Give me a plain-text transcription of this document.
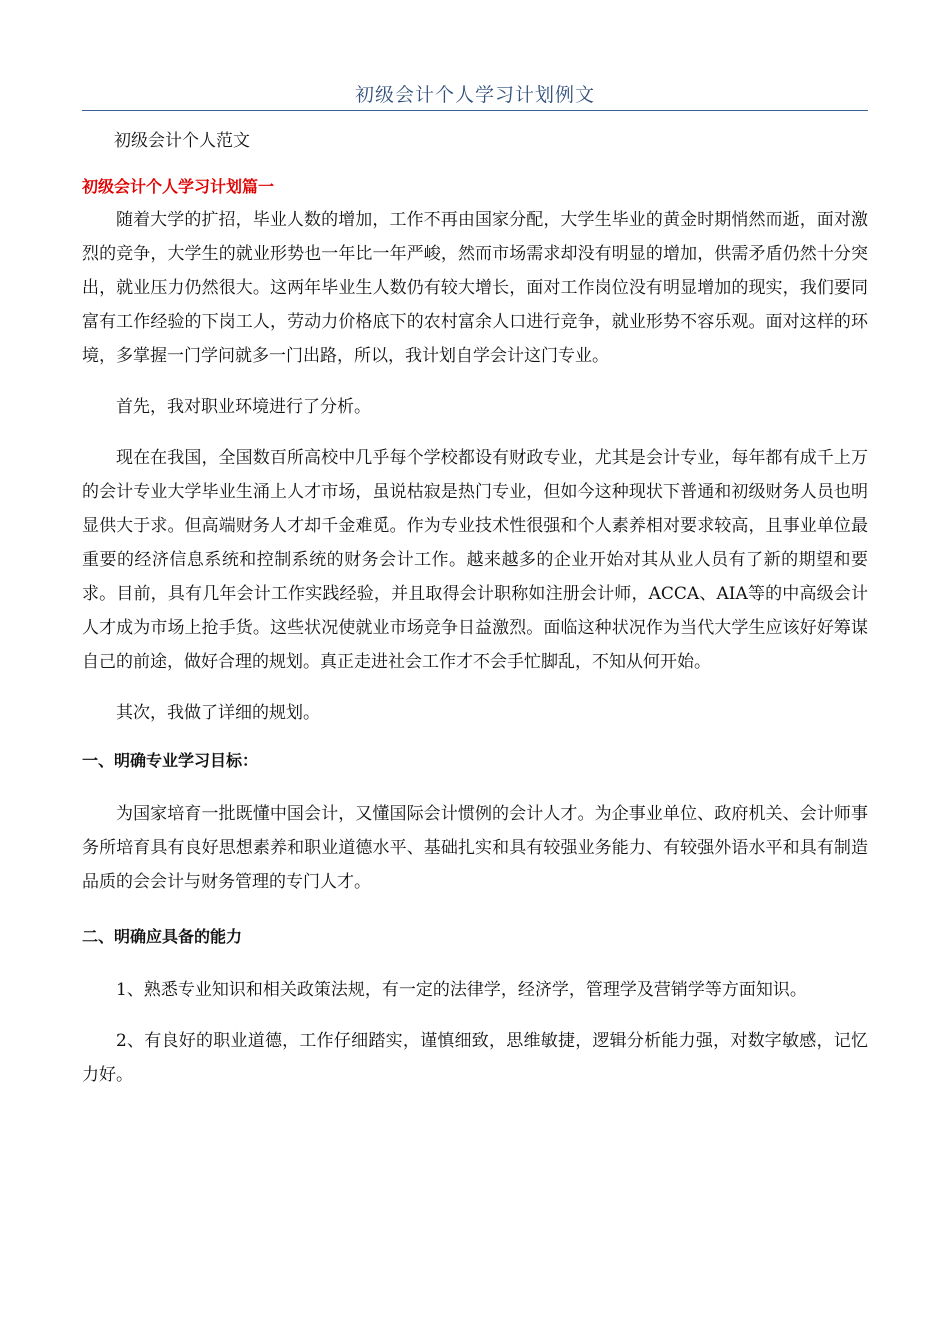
初级会计个人学习计划例文
初级会计个人范文
初级会计个人学习计划篇一

随着大学的扩招，毕业人数的增加，工作不再由国家分配，大学生毕业的黄金时期悄然而逝，面对激烈的竞争，大学生的就业形势也一年比一年严峻，然而市场需求却没有明显的增加，供需矛盾仍然十分突出，就业压力仍然很大。这两年毕业生人数仍有较大增长，面对工作岗位没有明显增加的现实，我们要同富有工作经验的下岗工人，劳动力价格底下的农村富余人口进行竞争，就业形势不容乐观。面对这样的环境，多掌握一门学问就多一门出路，所以，我计划自学会计这门专业。

首先，我对职业环境进行了分析。

现在在我国，全国数百所高校中几乎每个学校都设有财政专业，尤其是会计专业，每年都有成千上万的会计专业大学毕业生涌上人才市场，虽说枯寂是热门专业，但如今这种现状下普通和初级财务人员也明显供大于求。但高端财务人才却千金难觅。作为专业技术性很强和个人素养相对要求较高，且事业单位最重要的经济信息系统和控制系统的财务会计工作。越来越多的企业开始对其从业人员有了新的期望和要求。目前，具有几年会计工作实践经验，并且取得会计职称如注册会计师，ACCA、AIA等的中高级会计人才成为市场上抢手货。这些状况使就业市场竞争日益激烈。面临这种状况作为当代大学生应该好好筹谋自己的前途，做好合理的规划。真正走进社会工作才不会手忙脚乱，不知从何开始。

其次，我做了详细的规划。

一、明确专业学习目标：

为国家培育一批既懂中国会计，又懂国际会计惯例的会计人才。为企事业单位、政府机关、会计师事务所培育具有良好思想素养和职业道德水平、基础扎实和具有较强业务能力、有较强外语水平和具有制造品质的会会计与财务管理的专门人才。

二、明确应具备的能力

1、熟悉专业知识和相关政策法规，有一定的法律学，经济学，管理学及营销学等方面知识。

2、有良好的职业道德，工作仔细踏实，谨慎细致，思维敏捷，逻辑分析能力强，对数字敏感，记忆力好。
